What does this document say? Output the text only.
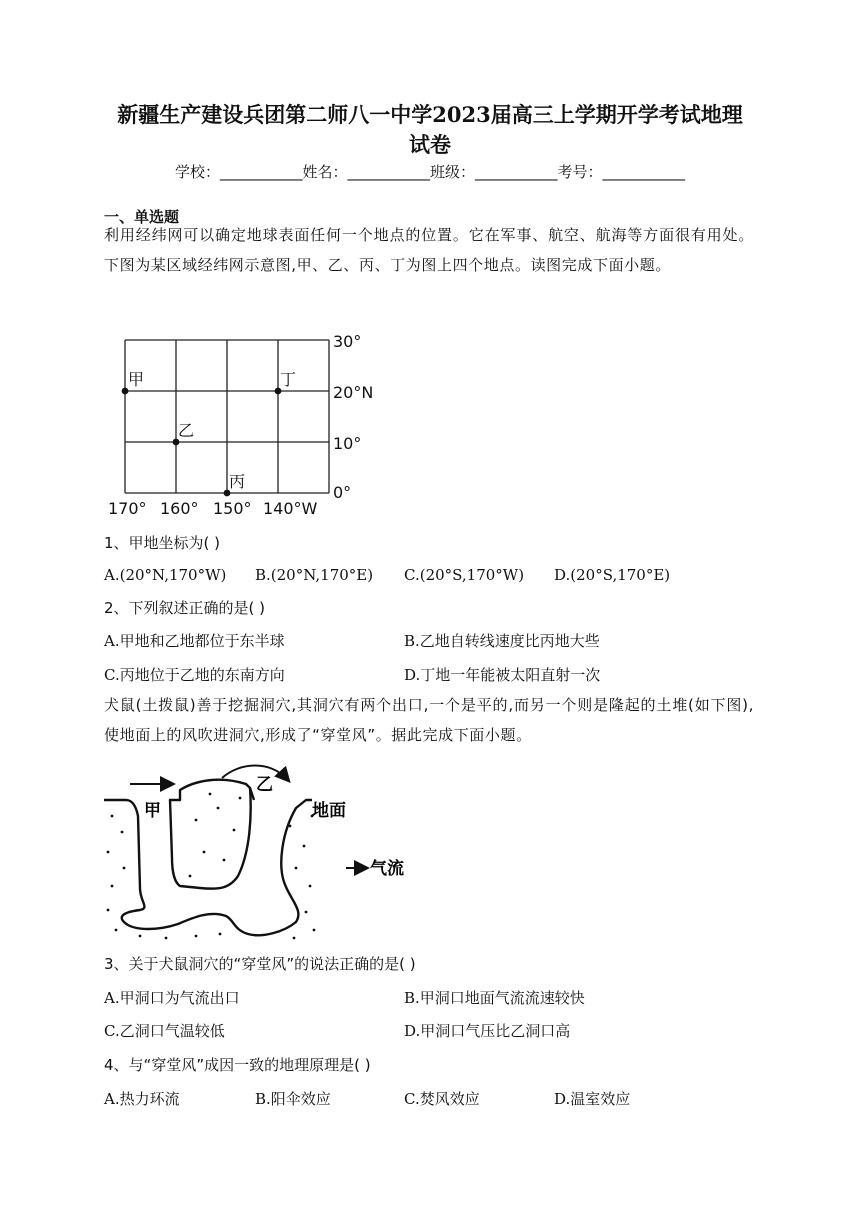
新疆生产建设兵团第二师八一中学2023届高三上学期开学考试地理
试卷
学校：___________姓名：___________班级：___________考号：___________
一、单选题
利用经纬网可以确定地球表面任何一个地点的位置。它在军事、航空、航海等方面很有用处。下图为某区域经纬网示意图,甲、乙、丙、丁为图上四个地点。读图完成下面小题。
30°
20°N
10°
0°
170° 160° 150° 140°W
甲
乙
丙
丁
1、甲地坐标为( )
A.(20°N,170°W) B.(20°N,170°E) C.(20°S,170°W) D.(20°S,170°E)
2、下列叙述正确的是( )
A.甲地和乙地都位于东半球	B.乙地自转线速度比丙地大些
C.丙地位于乙地的东南方向	D.丁地一年能被太阳直射一次
犬鼠(土拨鼠)善于挖掘洞穴,其洞穴有两个出口,一个是平的,而另一个则是隆起的土堆(如下图),使地面上的风吹进洞穴,形成了“穿堂风”。据此完成下面小题。
甲
乙
地面
气流
3、关于犬鼠洞穴的“穿堂风”的说法正确的是( )
A.甲洞口为气流出口	B.甲洞口地面气流流速较快
C.乙洞口气温较低	D.甲洞口气压比乙洞口高
4、与“穿堂风”成因一致的地理原理是( )
A.热力环流	B.阳伞效应	C.焚风效应	D.温室效应
